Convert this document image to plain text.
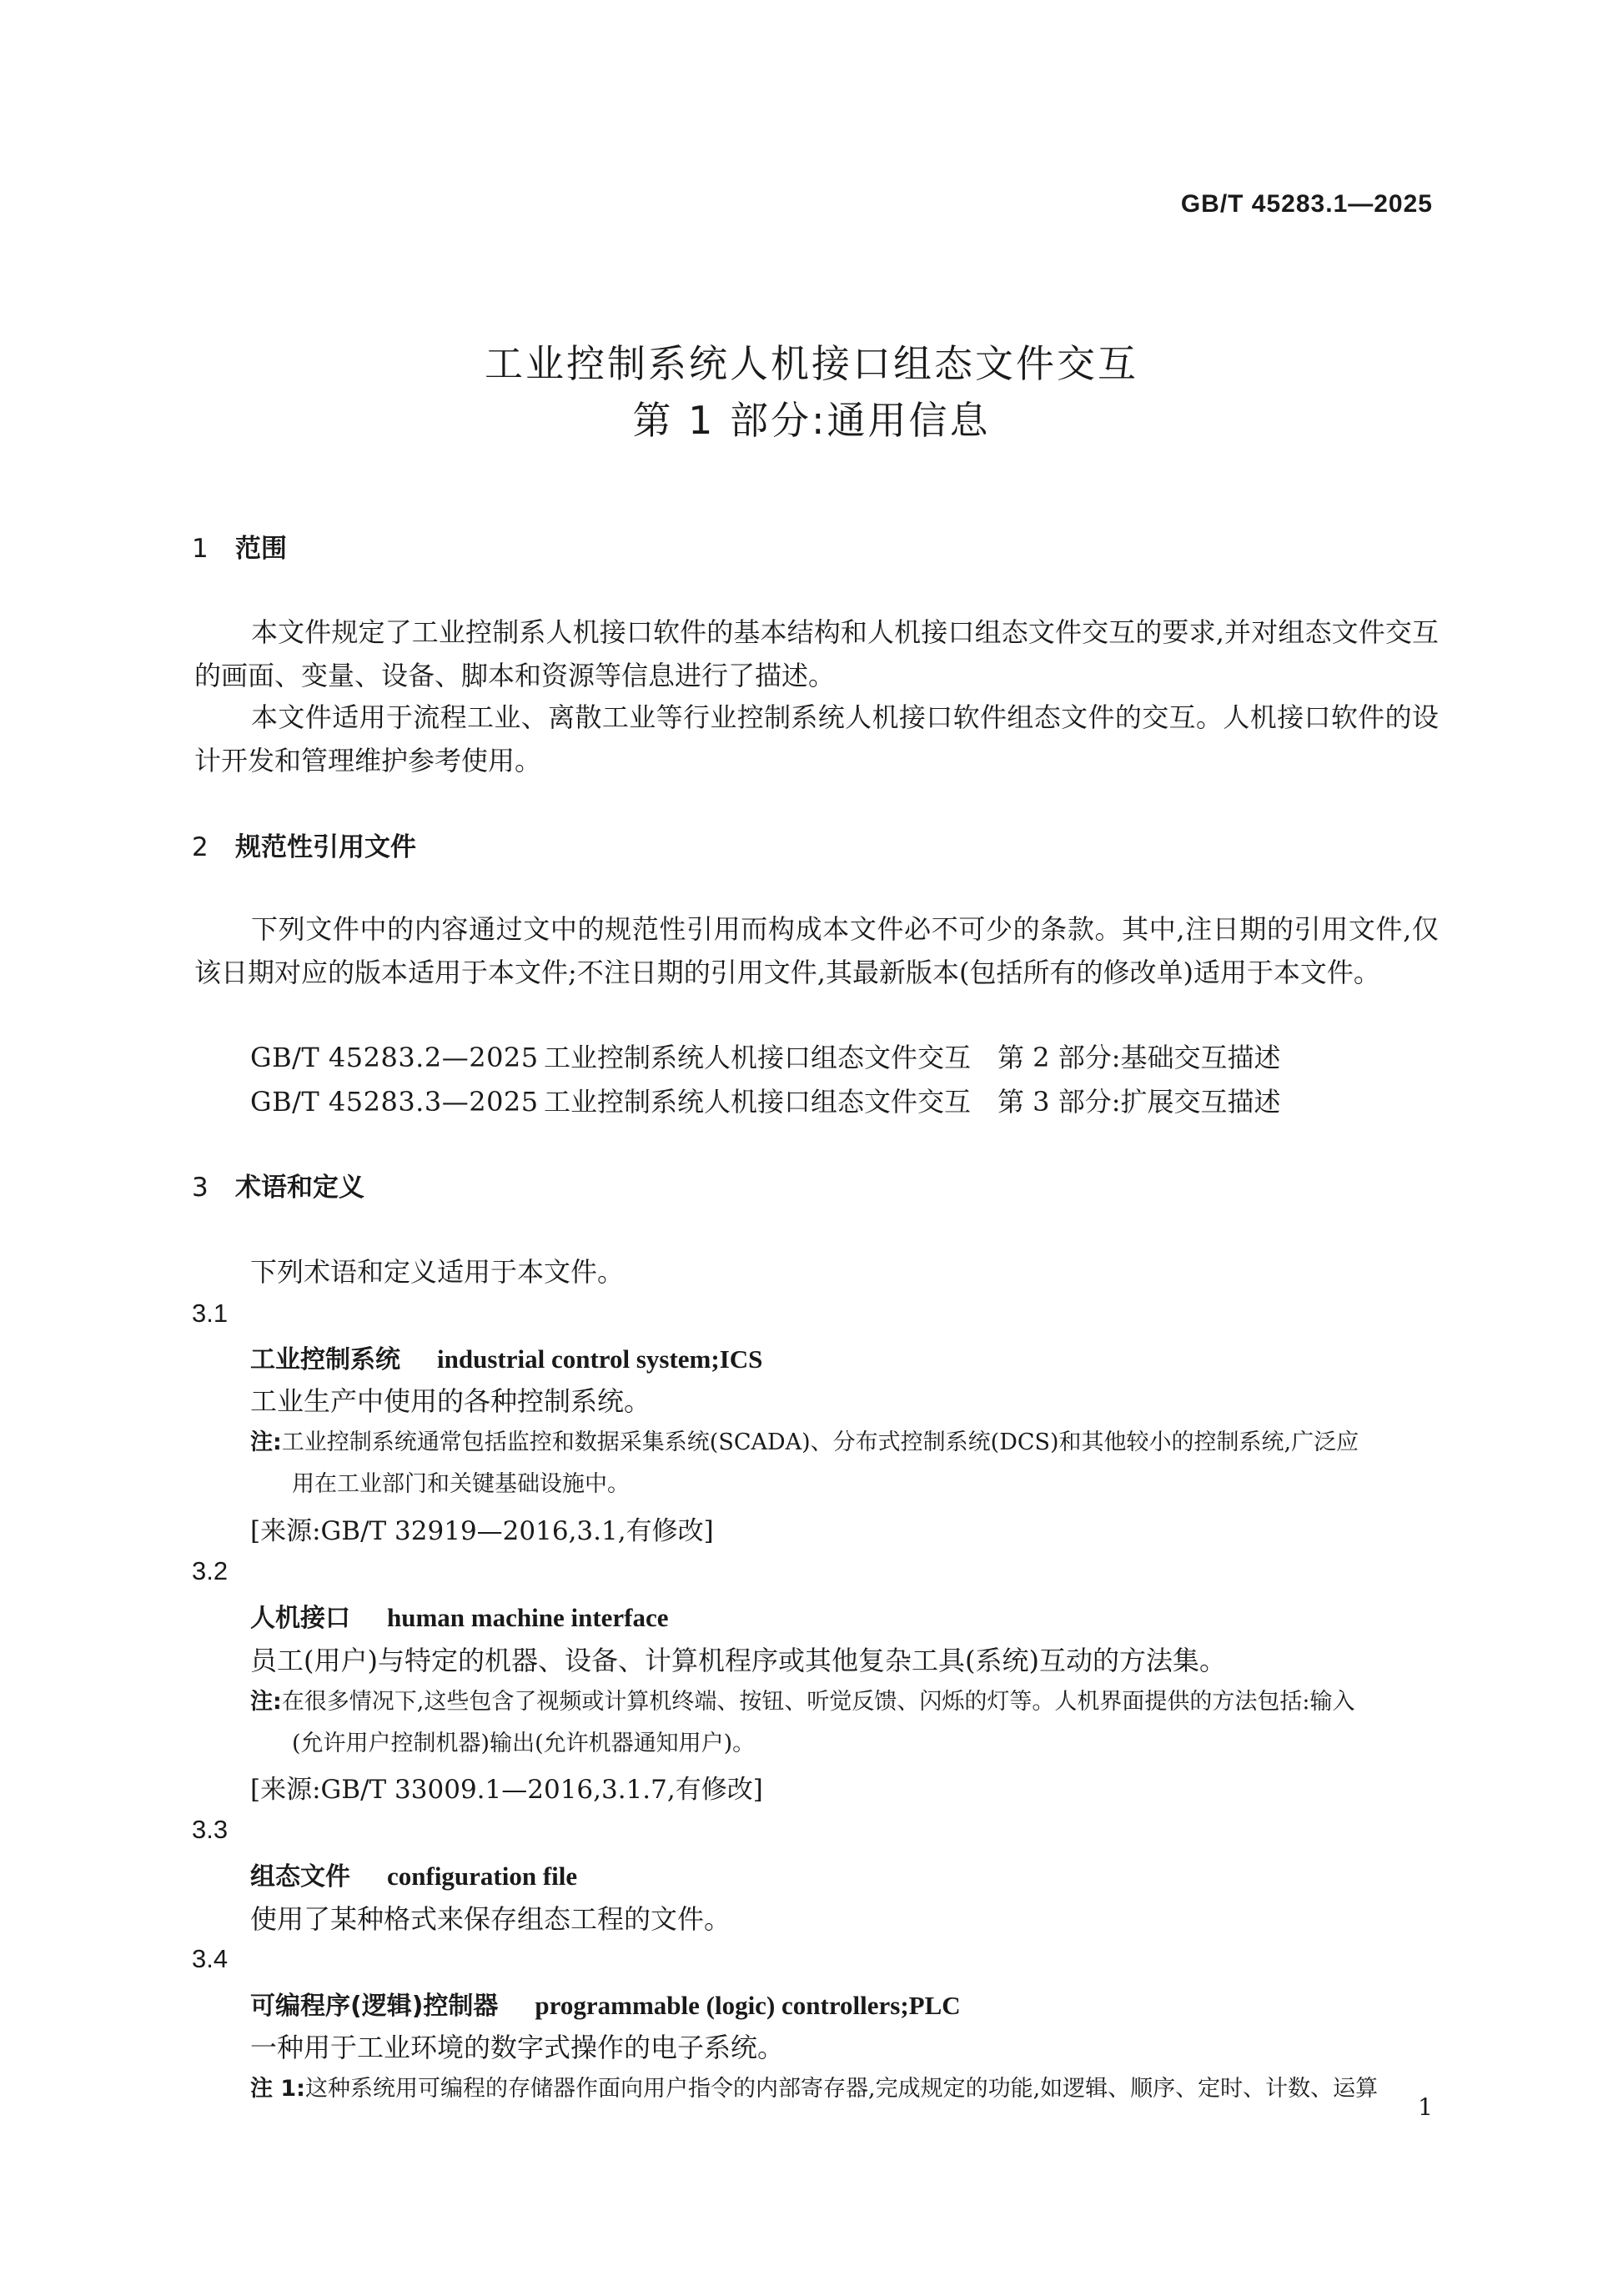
GB/T 45283.1—2025
工业控制系统人机接口组态文件交互
第 1 部分:通用信息
1 范围
本文件规定了工业控制系人机接口软件的基本结构和人机接口组态文件交互的要求,并对组态文件交互的画面、变量、设备、脚本和资源等信息进行了描述。
本文件适用于流程工业、离散工业等行业控制系统人机接口软件组态文件的交互。人机接口软件的设计开发和管理维护参考使用。
2 规范性引用文件
下列文件中的内容通过文中的规范性引用而构成本文件必不可少的条款。其中,注日期的引用文件,仅该日期对应的版本适用于本文件;不注日期的引用文件,其最新版本(包括所有的修改单)适用于本文件。
GB/T 45283.2—2025 工业控制系统人机接口组态文件交互　第 2 部分:基础交互描述
GB/T 45283.3—2025 工业控制系统人机接口组态文件交互　第 3 部分:扩展交互描述
3 术语和定义
下列术语和定义适用于本文件。
3.1
工业控制系统 industrial control system;ICS
工业生产中使用的各种控制系统。
注:工业控制系统通常包括监控和数据采集系统(SCADA)、分布式控制系统(DCS)和其他较小的控制系统,广泛应
用在工业部门和关键基础设施中。
[来源:GB/T 32919—2016,3.1,有修改]
3.2
人机接口 human machine interface
员工(用户)与特定的机器、设备、计算机程序或其他复杂工具(系统)互动的方法集。
注:在很多情况下,这些包含了视频或计算机终端、按钮、听觉反馈、闪烁的灯等。人机界面提供的方法包括:输入
(允许用户控制机器)输出(允许机器通知用户)。
[来源:GB/T 33009.1—2016,3.1.7,有修改]
3.3
组态文件 configuration file
使用了某种格式来保存组态工程的文件。
3.4
可编程序(逻辑)控制器 programmable (logic) controllers;PLC
一种用于工业环境的数字式操作的电子系统。
注 1:这种系统用可编程的存储器作面向用户指令的内部寄存器,完成规定的功能,如逻辑、顺序、定时、计数、运算
1
